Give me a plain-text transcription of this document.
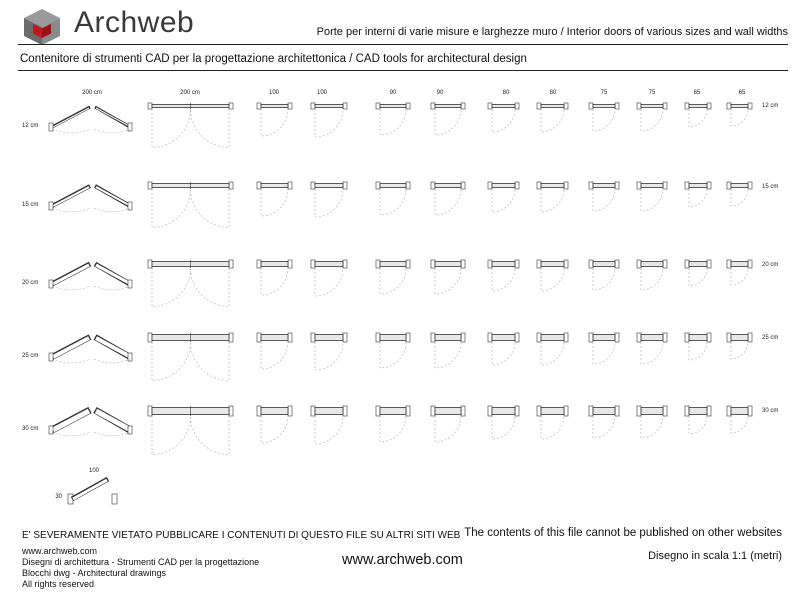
Archweb	Porte per interni di varie misure e larghezze muro / Interior doors of various sizes and wall widths
Contenitore di strumenti CAD per la progettazione architettonica / CAD tools for architectural design
200 cm	200 cm	100	100	90	90	80	80	75	75	65	65
12 cm
12 cm
15 cm
15 cm
20 cm
20 cm
25 cm
25 cm
30 cm
30 cm
100
30
E' SEVERAMENTE VIETATO PUBBLICARE I CONTENUTI DI QUESTO FILE SU ALTRI SITI WEB The contents of this file cannot be published on other websites
www.archweb.com
Disegni di architettura - Strumenti CAD per la progettazione
Blocchi dwg - Architectural drawings
All rights reserved
www.archweb.com	Disegno in scala 1:1 (metri)
